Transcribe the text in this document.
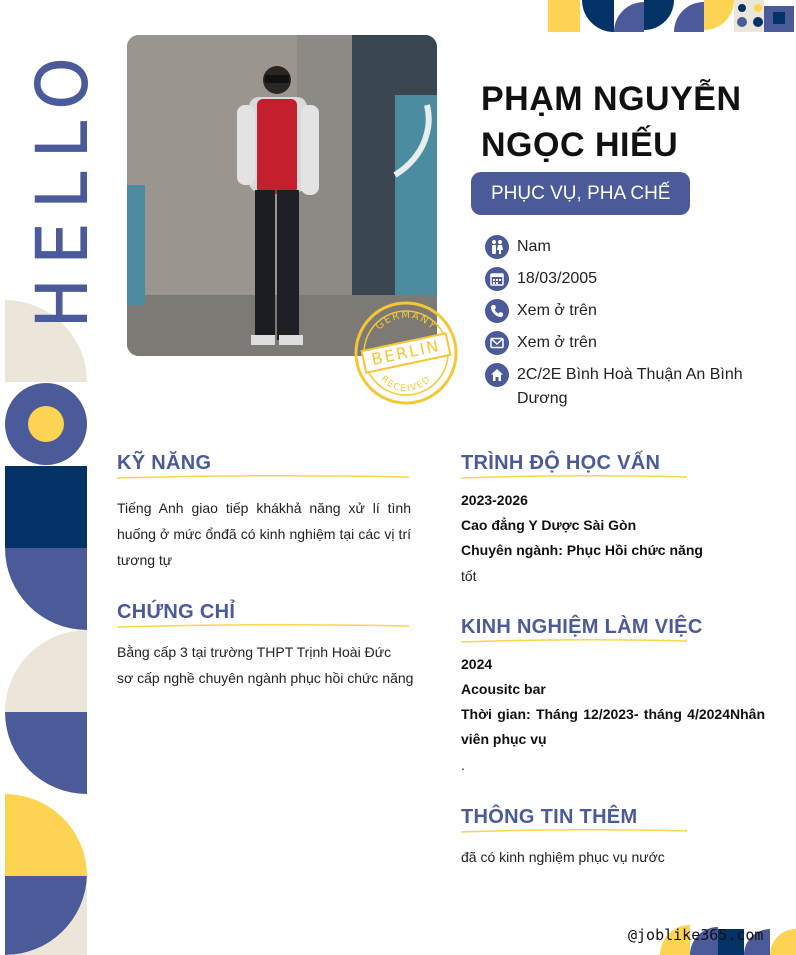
HELLO	GERMANY
BERLIN
RECEIVED
PHẠM NGUYỄN
NGỌC HIẾU
PHỤC VỤ, PHA CHẾ
Nam
18/03/2005
Xem ở trên
Xem ở trên
2C/2E Bình Hoà Thuận An Bình Dương
KỸ NĂNG
Tiếng Anh giao tiếp khákhả năng xử lí tình
huống ở mức ổnđã có kinh nghiệm tại các vị trí
tương tự
CHỨNG CHỈ
Bằng cấp 3 tại trường THPT Trịnh Hoài Đức
sơ cấp nghề chuyên ngành phục hồi chức năng
TRÌNH ĐỘ HỌC VẤN
2023-2026
Cao đẳng Y Dược Sài Gòn
Chuyên ngành: Phục Hồi chức năng
tốt
KINH NGHIỆM LÀM VIỆC
2024
Acousitc bar
Thời gian: Tháng 12/2023- tháng 4/2024Nhân
viên phục vụ
.
THÔNG TIN THÊM
đã có kinh nghiệm phục vụ nước
@joblike365.com
